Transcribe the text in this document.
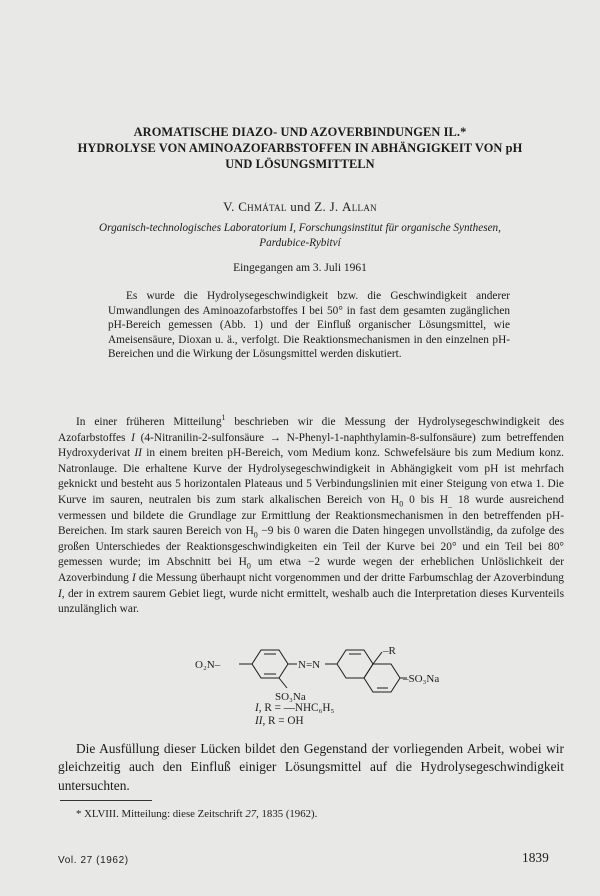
AROMATISCHE DIAZO- UND AZOVERBINDUNGEN IL.*
HYDROLYSE VON AMINOAZOFARBSTOFFEN IN ABHÄNGIGKEIT VON pH
UND LÖSUNGSMITTELN
V. Chmátal und Z. J. Allan
Organisch-technologisches Laboratorium I, Forschungsinstitut für organische Synthesen,
Pardubice-Rybitví
Eingegangen am 3. Juli 1961
Es wurde die Hydrolysegeschwindigkeit bzw. die Geschwindigkeit anderer Umwandlungen des Aminoazofarbstoffes I bei 50° in fast dem gesamten zugänglichen pH-Bereich gemessen (Abb. 1) und der Einfluß organischer Lösungsmittel, wie Ameisensäure, Dioxan u. ä., verfolgt. Die Reaktionsmechanismen in den einzelnen pH-Bereichen und die Wirkung der Lösungsmittel werden diskutiert.
In einer früheren Mitteilung$^1$ beschrieben wir die Messung der Hydrolysegeschwindigkeit des Azofarbstoffes I (4-Nitranilin-2-sulfonsäure → N-Phenyl-1-naphthylamin-8-sulfonsäure) zum betreffenden Hydroxyderivat II in einem breiten pH-Bereich, vom Medium konz. Schwefelsäure bis zum Medium konz. Natronlauge. Die erhaltene Kurve der Hydrolysegeschwindigkeit in Abhängigkeit vom pH ist mehrfach geknickt und besteht aus 5 horizontalen Plateaus und 5 Verbindungslinien mit einer Steigung von etwa 1. Die Kurve im sauren, neutralen bis zum stark alkalischen Bereich von $H_0$ 0 bis $H_{\_}$ 18 wurde ausreichend vermessen und bildete die Grundlage zur Ermittlung der Reaktionsmechanismen in den betreffenden pH-Bereichen. Im stark sauren Bereich von $H_0 -9$ bis 0 waren die Daten hingegen unvollständig, da zufolge des großen Unterschiedes der Reaktionsgeschwindigkeiten ein Teil der Kurve bei 20° und ein Teil bei 80° gemessen wurde; im Abschnitt bei $H_0$ um etwa −2 wurde wegen der erheblichen Unlöslichkeit der Azoverbindung I die Messung überhaupt nicht vorgenommen und der dritte Farbumschlag der Azoverbindung I, der in extrem saurem Gebiet liegt, wurde nicht ermittelt, weshalb auch die Interpretation dieses Kurventeils unzulänglich war.
O₂N–	N=N
–R
SO₃Na
–SO₃Na
I, R = —NHC₆H₅
II, R = OH
Die Ausfüllung dieser Lücken bildet den Gegenstand der vorliegenden Arbeit, wobei wir gleichzeitig auch den Einfluß einiger Lösungsmittel auf die Hydrolysegeschwindigkeit untersuchten.
* XLVIII. Mitteilung: diese Zeitschrift 27, 1835 (1962).
Vol. 27 (1962)	1839
